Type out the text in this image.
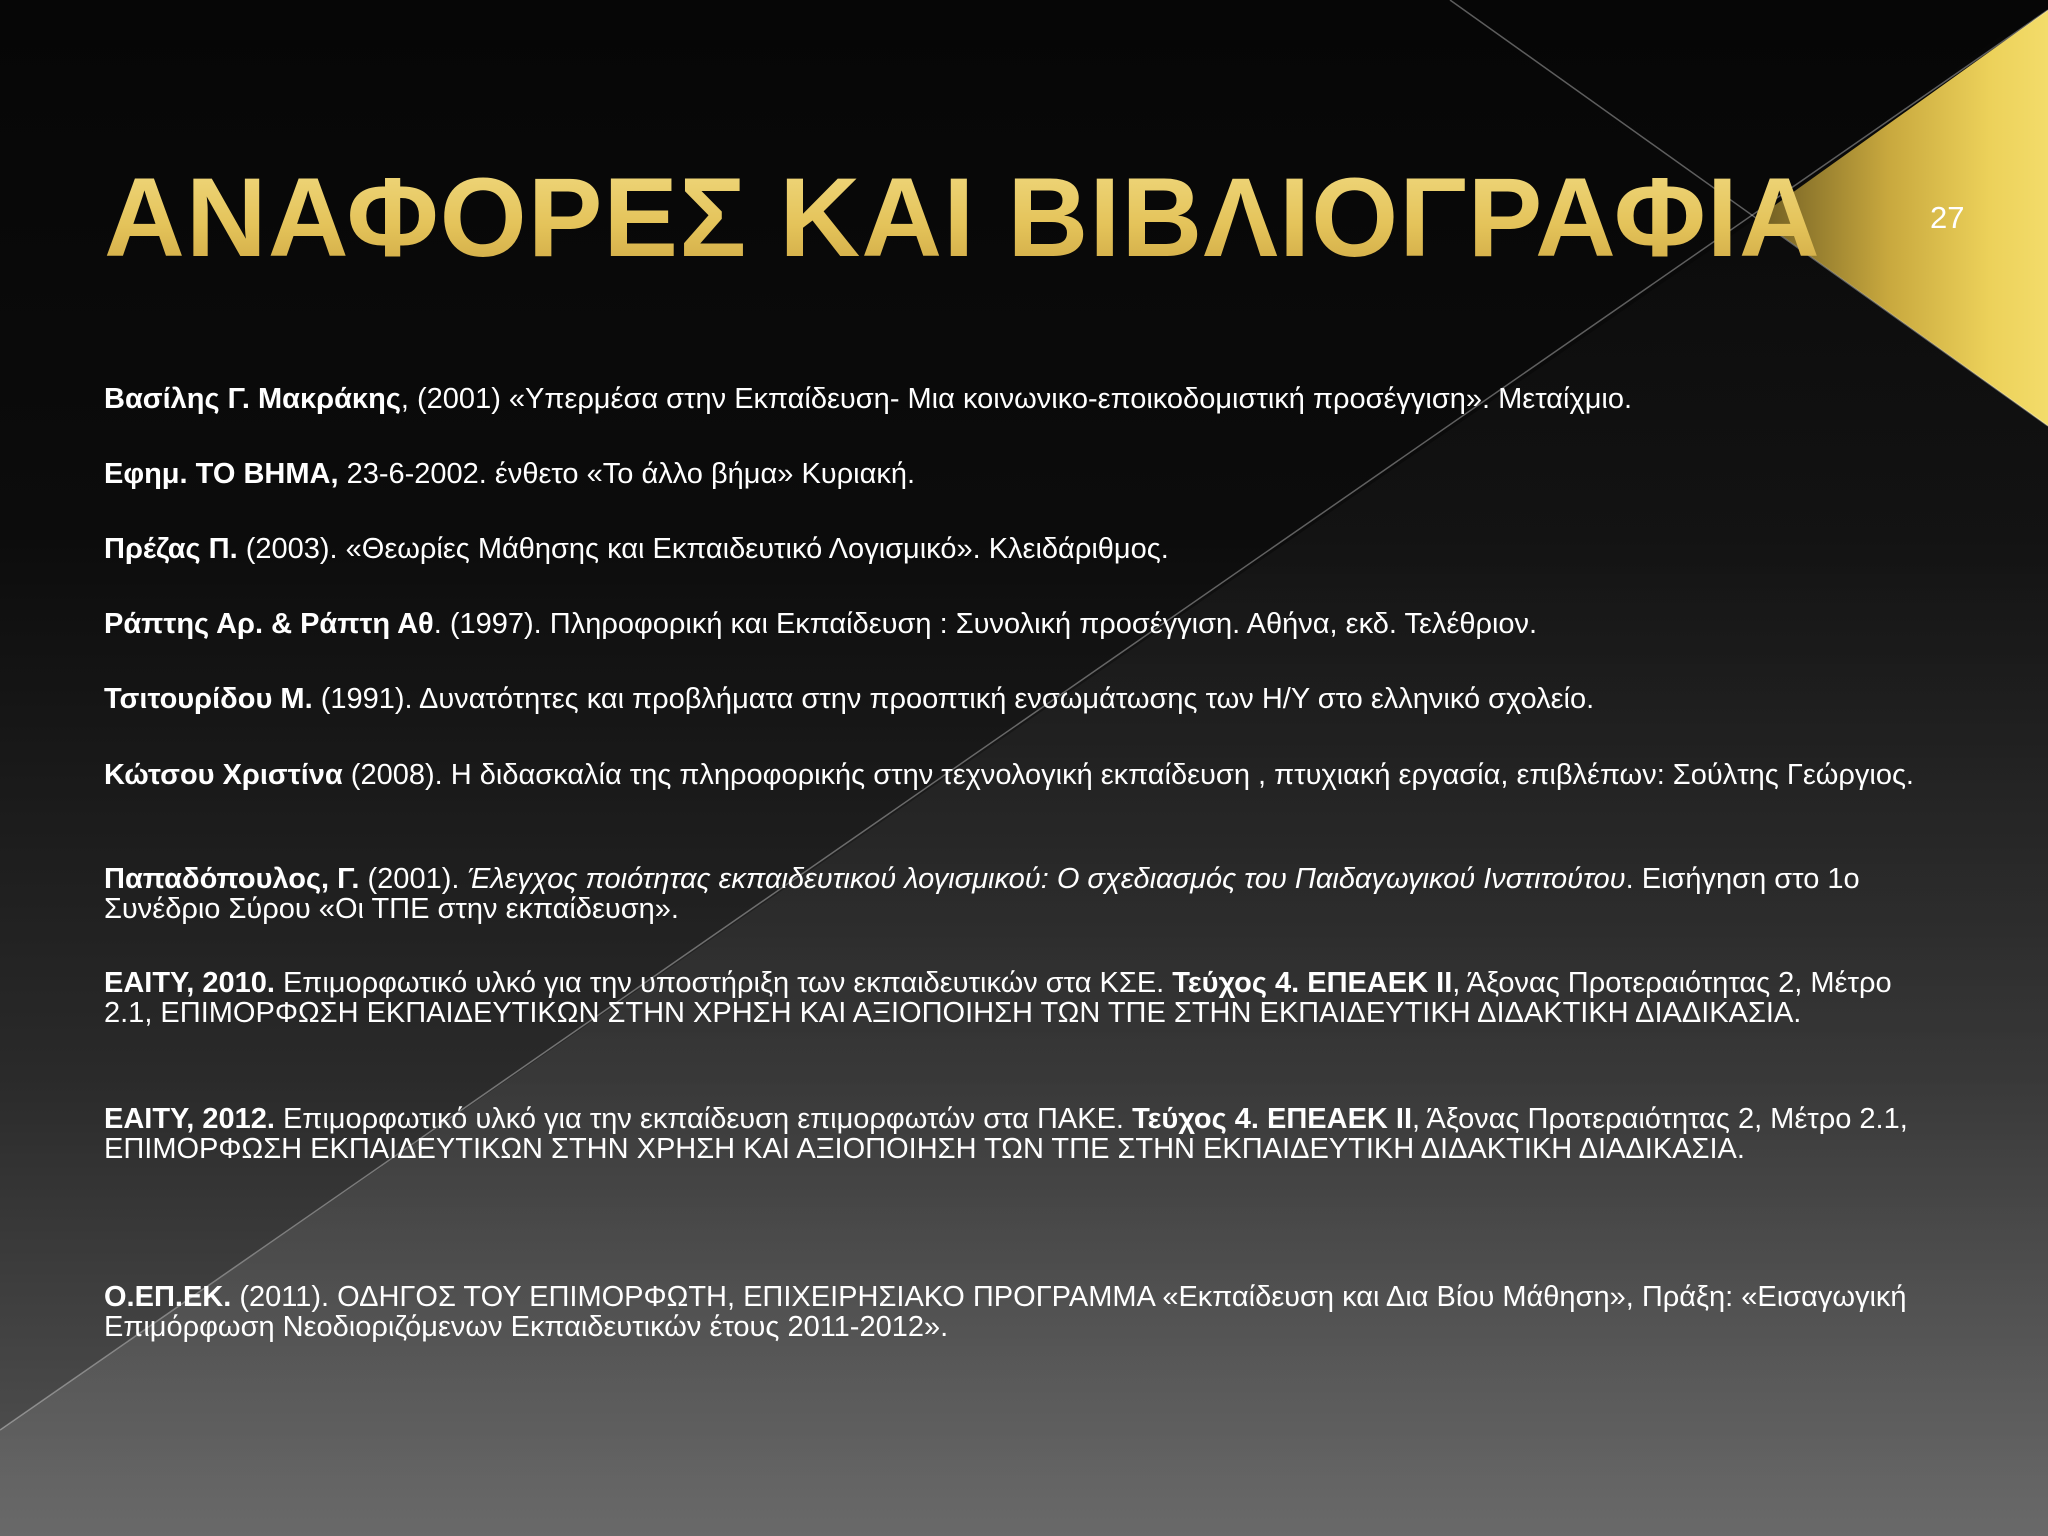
ΑΝΑΦΟΡΕΣ ΚΑΙ ΒΙΒΛΙΟΓΡΑΦΙΑ	27
Βασίλης Γ. Μακράκης, (2001) «Υπερμέσα στην Εκπαίδευση- Μια κοινωνικο-εποικοδομιστική προσέγγιση». Μεταίχμιο.
Εφημ. ΤΟ ΒΗΜΑ, 23-6-2002. ένθετο «Το άλλο βήμα» Κυριακή.
Πρέζας Π. (2003). «Θεωρίες Μάθησης και Εκπαιδευτικό Λογισμικό». Κλειδάριθμος.
Ράπτης Αρ. & Ράπτη Αθ. (1997). Πληροφορική και Εκπαίδευση : Συνολική προσέγγιση. Αθήνα, εκδ. Τελέθριον.
Τσιτουρίδου Μ. (1991). Δυνατότητες και προβλήματα στην προοπτική ενσωμάτωσης των Η/Υ στο ελληνικό σχολείο.
Κώτσου Χριστίνα (2008). Η διδασκαλία της πληροφορικής στην τεχνολογική εκπαίδευση , πτυχιακή εργασία, επιβλέπων: Σούλτης Γεώργιος.
Παπαδόπουλος, Γ. (2001). Έλεγχος ποιότητας εκπαιδευτικού λογισμικού: Ο σχεδιασμός του Παιδαγωγικού Ινστιτούτου. Εισήγηση στο 1ο Συνέδριο Σύρου «Οι ΤΠΕ στην εκπαίδευση».
ΕΑΙΤΥ, 2010. Επιμορφωτικό υλκό για την υποστήριξη των εκπαιδευτικών στα ΚΣΕ. Τεύχος 4. ΕΠΕΑΕΚ ΙΙ, Άξονας Προτεραιότητας 2, Μέτρο 2.1, ΕΠΙΜΟΡΦΩΣΗ ΕΚΠΑΙΔΕΥΤΙΚΩΝ ΣΤΗΝ ΧΡΗΣΗ ΚΑΙ ΑΞΙΟΠΟΙΗΣΗ ΤΩΝ ΤΠΕ ΣΤΗΝ ΕΚΠΑΙΔΕΥΤΙΚΗ ΔΙΔΑΚΤΙΚΗ ΔΙΑΔΙΚΑΣΙΑ.
ΕΑΙΤΥ, 2012. Επιμορφωτικό υλκό για την εκπαίδευση επιμορφωτών στα ΠΑΚΕ. Τεύχος 4. ΕΠΕΑΕΚ ΙΙ, Άξονας Προτεραιότητας 2, Μέτρο 2.1, ΕΠΙΜΟΡΦΩΣΗ ΕΚΠΑΙΔΕΥΤΙΚΩΝ ΣΤΗΝ ΧΡΗΣΗ ΚΑΙ ΑΞΙΟΠΟΙΗΣΗ ΤΩΝ ΤΠΕ ΣΤΗΝ ΕΚΠΑΙΔΕΥΤΙΚΗ ΔΙΔΑΚΤΙΚΗ ΔΙΑΔΙΚΑΣΙΑ.
Ο.ΕΠ.ΕΚ. (2011). ΟΔΗΓΟΣ ΤΟΥ ΕΠΙΜΟΡΦΩΤΗ, ΕΠΙΧΕΙΡΗΣΙΑΚΟ ΠΡΟΓΡΑΜΜΑ «Εκπαίδευση και Δια Βίου Μάθηση», Πράξη: «Εισαγωγική Επιμόρφωση Νεοδιοριζόμενων Εκπαιδευτικών έτους 2011-2012».
